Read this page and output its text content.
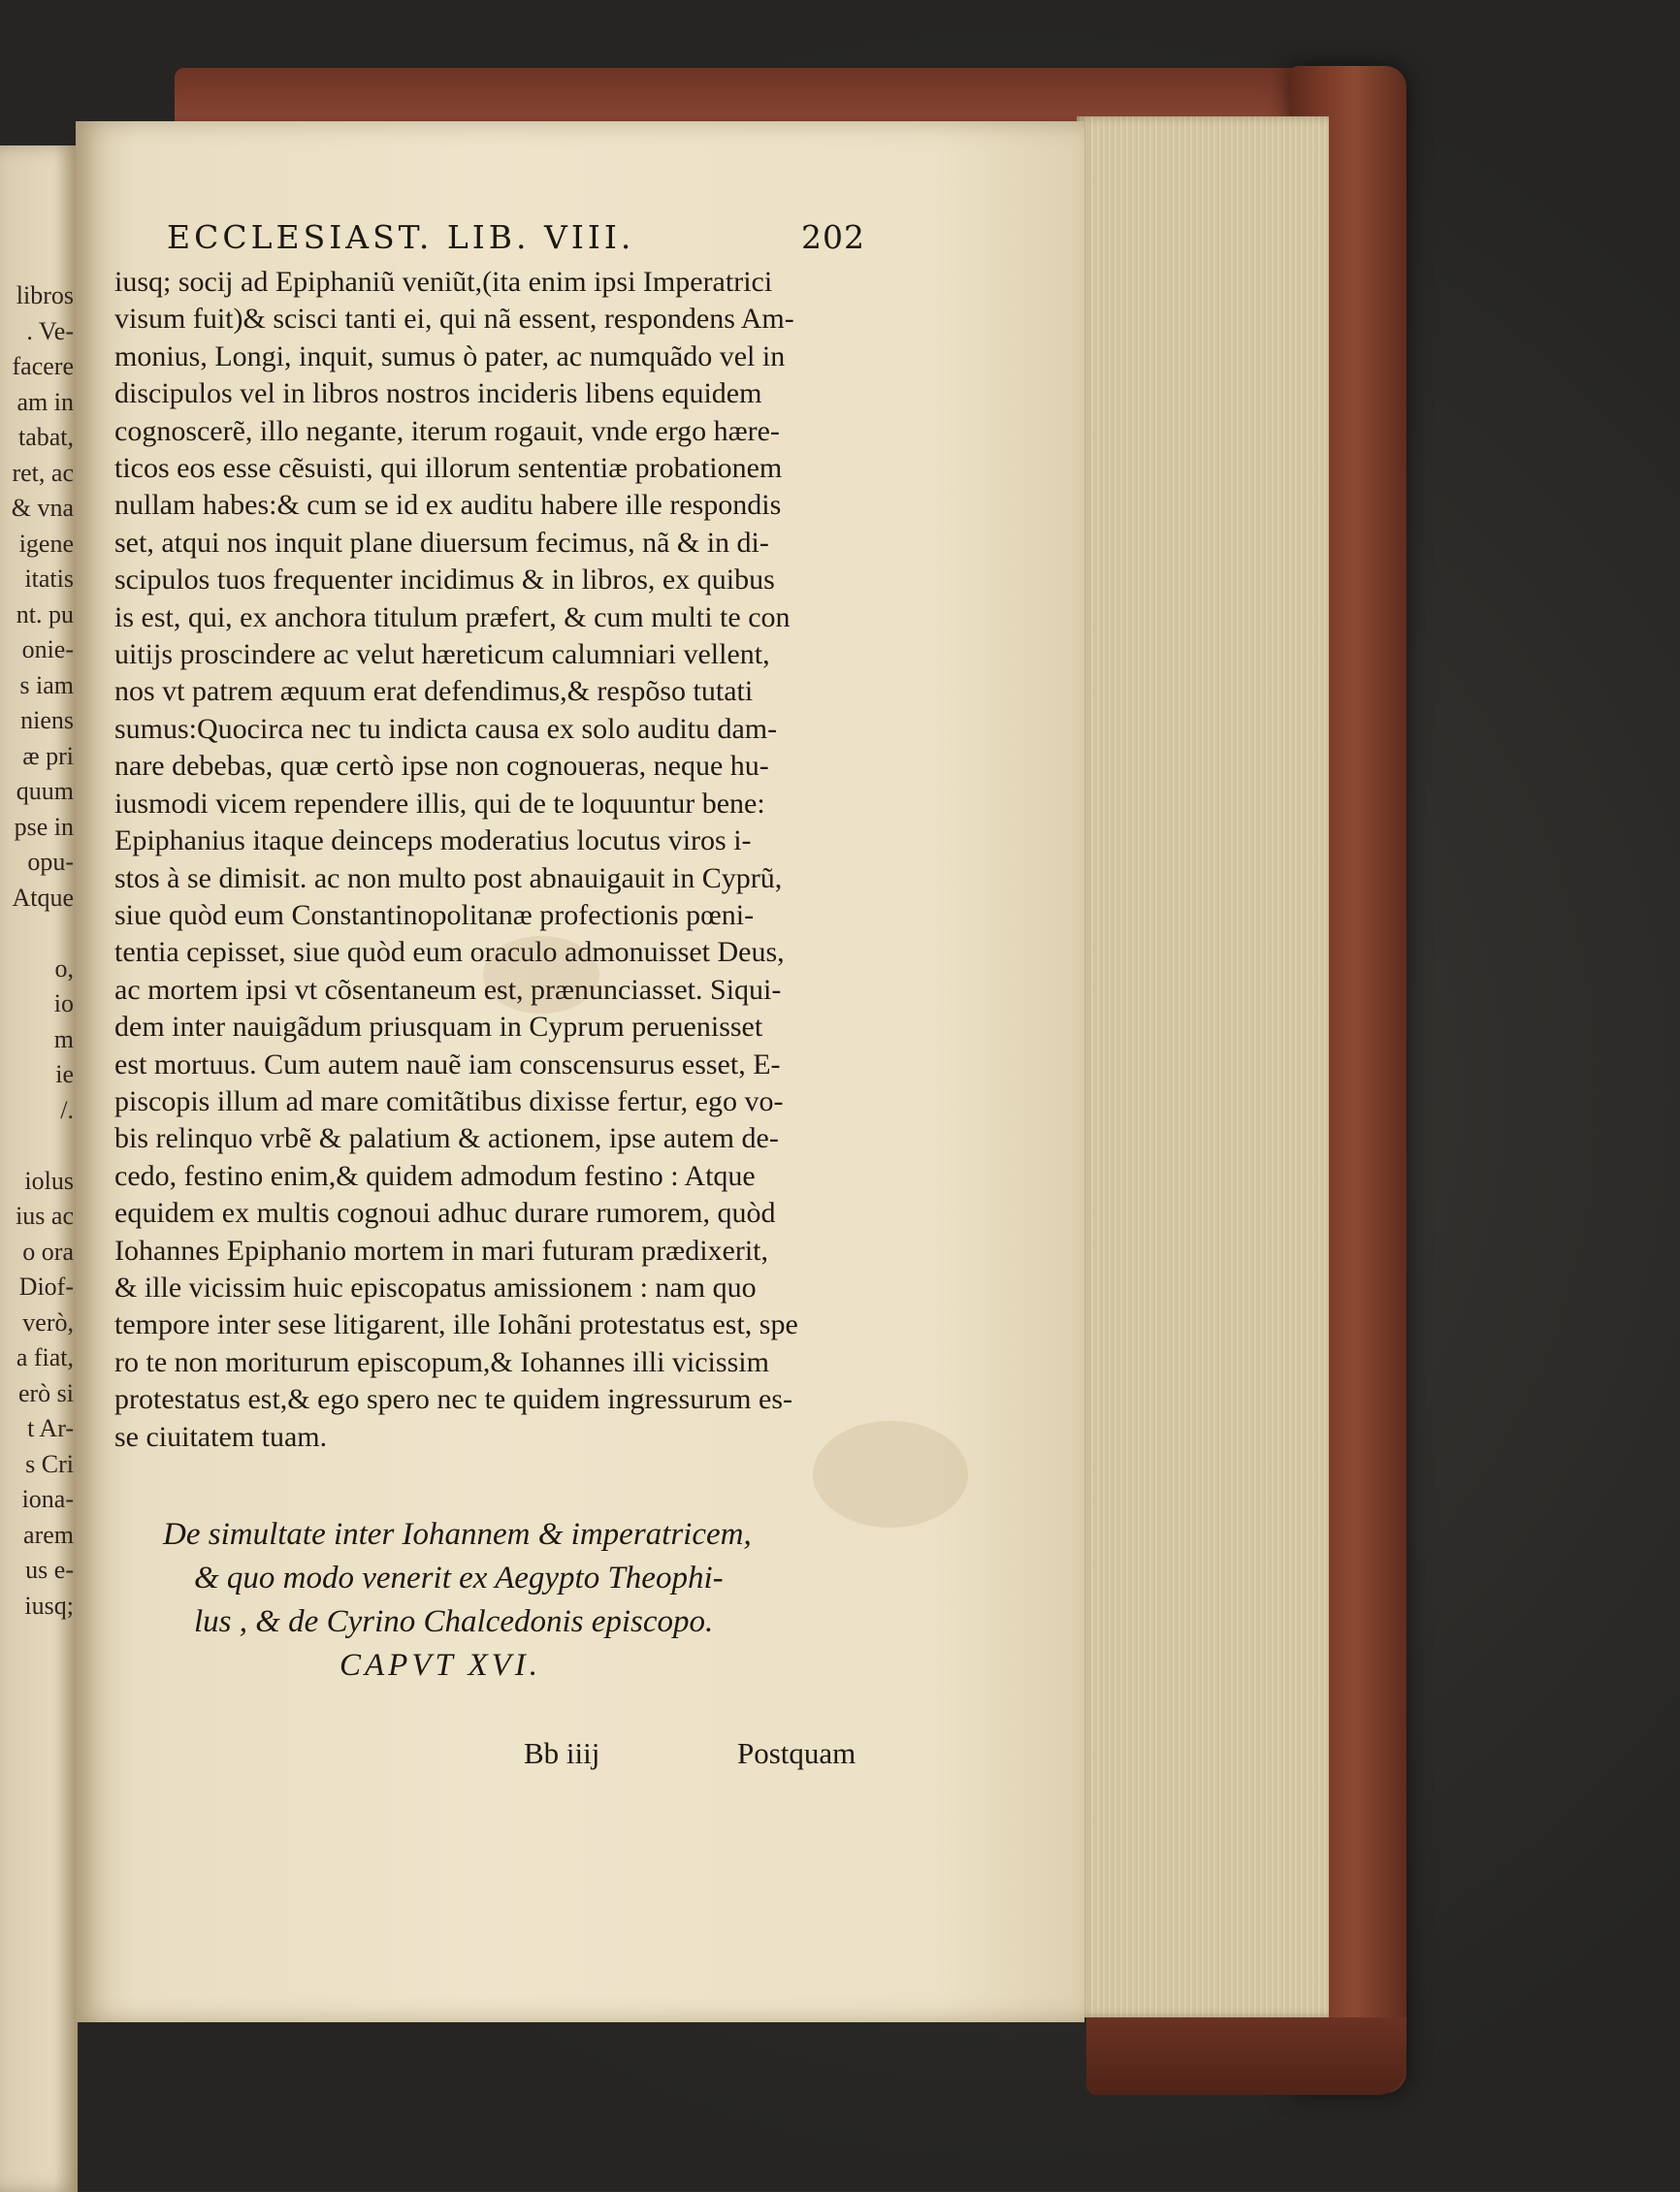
libros
. Ve-
facere
am in
tabat,
ret, ac
& vna
igene
itatis
nt. pu
onie-
s iam
niens
æ pri
quum
pse in
opu-
Atque
o,
io
m
ie
/.
iolus
ius ac
o ora
Diof-
verò,
a fiat,
erò si
t Ar-
s Cri
iona-
arem
us e-
iusq;
ECCLESIAST. LIB. VIII.	202
iusq; socij ad Epiphaniũ veniũt,(ita enim ipsi Imperatrici
visum fuit)& scisci tanti ei, qui nã essent, respondens Am-
monius, Longi, inquit, sumus ò pater, ac numquãdo vel in
discipulos vel in libros nostros incideris libens equidem
cognoscerẽ, illo negante, iterum rogauit, vnde ergo hære-
ticos eos esse cẽsuisti, qui illorum sententiæ probationem
nullam habes:& cum se id ex auditu habere ille respondis
set, atqui nos inquit plane diuersum fecimus, nã & in di-
scipulos tuos frequenter incidimus & in libros, ex quibus
is est, qui, ex anchora titulum præfert, & cum multi te con
uitijs proscindere ac velut hæreticum calumniari vellent,
nos vt patrem æquum erat defendimus,& respõso tutati
sumus:Quocirca nec tu indicta causa ex solo auditu dam-
nare debebas, quæ certò ipse non cognoueras, neque hu-
iusmodi vicem rependere illis, qui de te loquuntur bene:
Epiphanius itaque deinceps moderatius locutus viros i-
stos à se dimisit. ac non multo post abnauigauit in Cyprũ,
siue quòd eum Constantinopolitanæ profectionis pœni-
tentia cepisset, siue quòd eum oraculo admonuisset Deus,
ac mortem ipsi vt cõsentaneum est, prænunciasset. Siqui-
dem inter nauigãdum priusquam in Cyprum peruenisset
est mortuus. Cum autem nauẽ iam conscensurus esset, E-
piscopis illum ad mare comitãtibus dixisse fertur, ego vo-
bis relinquo vrbẽ & palatium & actionem, ipse autem de-
cedo, festino enim,& quidem admodum festino : Atque
equidem ex multis cognoui adhuc durare rumorem, quòd
Iohannes Epiphanio mortem in mari futuram prædixerit,
& ille vicissim huic episcopatus amissionem : nam quo
tempore inter sese litigarent, ille Iohãni protestatus est, spe
ro te non moriturum episcopum,& Iohannes illi vicissim
protestatus est,& ego spero nec te quidem ingressurum es-
se ciuitatem tuam.
De simultate inter Iohannem & imperatricem,
& quo modo venerit ex Aegypto Theophi-
lus , & de Cyrino Chalcedonis episcopo.
CAPVT XVI.
Bb iiij	Postquam
